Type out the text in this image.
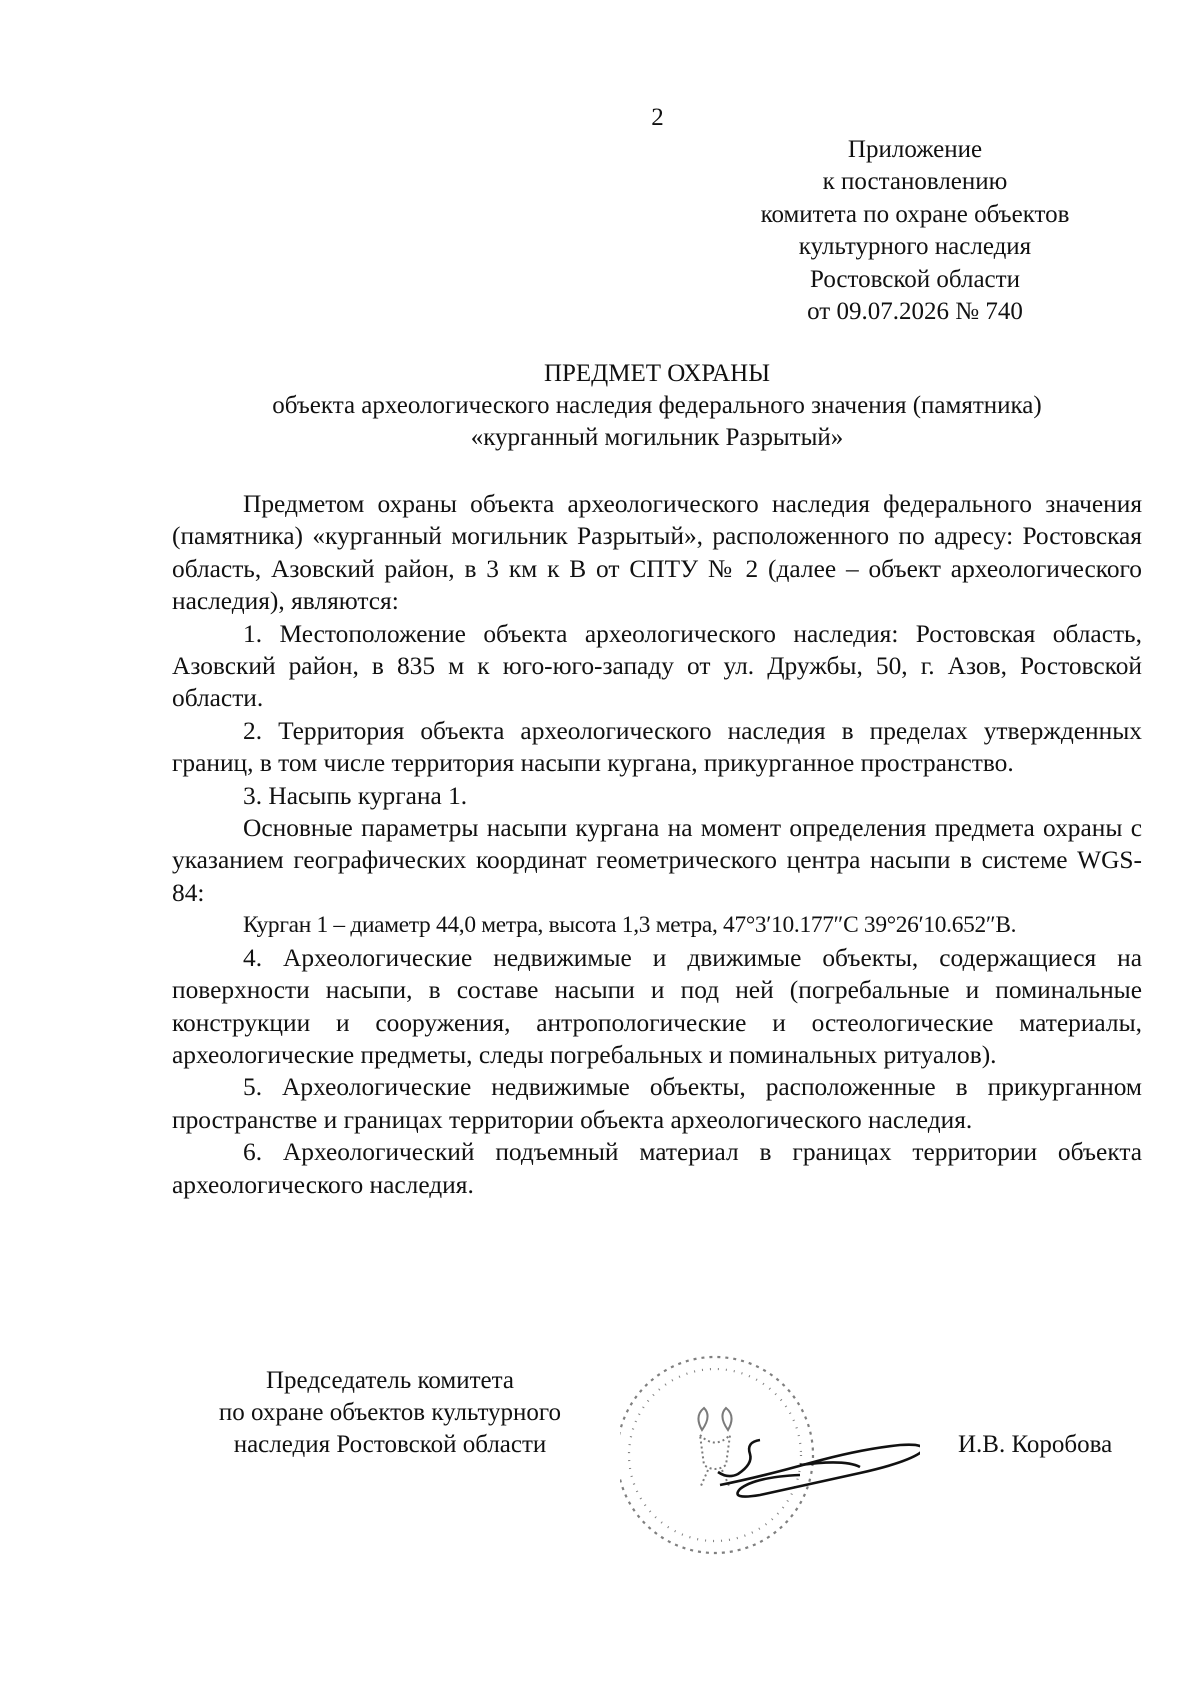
2
Приложение
к постановлению
комитета по охране объектов
культурного наследия
Ростовской области
от 09.07.2026 № 740
ПРЕДМЕТ ОХРАНЫ
объекта археологического наследия федерального значения (памятника)
«курганный могильник Разрытый»

Предметом охраны объекта археологического наследия федерального значения (памятника) «курганный могильник Разрытый», расположенного по адресу: Ростовская область, Азовский район, в 3 км к В от СПТУ № 2 (далее – объект археологического наследия), являются:

1. Местоположение объекта археологического наследия: Ростовская область, Азовский район, в 835 м к юго-юго-западу от ул. Дружбы, 50, г. Азов, Ростовской области.

2. Территория объекта археологического наследия в пределах утвержденных границ, в том числе территория насыпи кургана, прикурганное пространство.

3. Насыпь кургана 1.

Основные параметры насыпи кургана на момент определения предмета охраны с указанием географических координат геометрического центра насыпи в системе WGS-84:

Курган 1 – диаметр 44,0 метра, высота 1,3 метра, 47°3′10.177″С 39°26′10.652″В.

4. Археологические недвижимые и движимые объекты, содержащиеся на поверхности насыпи, в составе насыпи и под ней (погребальные и поминальные конструкции и сооружения, антропологические и остеологические материалы, археологические предметы, следы погребальных и поминальных ритуалов).

5. Археологические недвижимые объекты, расположенные в прикурганном пространстве и границах территории объекта археологического наследия.

6. Археологический подъемный материал в границах территории объекта археологического наследия.

Председатель комитета
по охране объектов культурного
наследия Ростовской области	И.В. Коробова
